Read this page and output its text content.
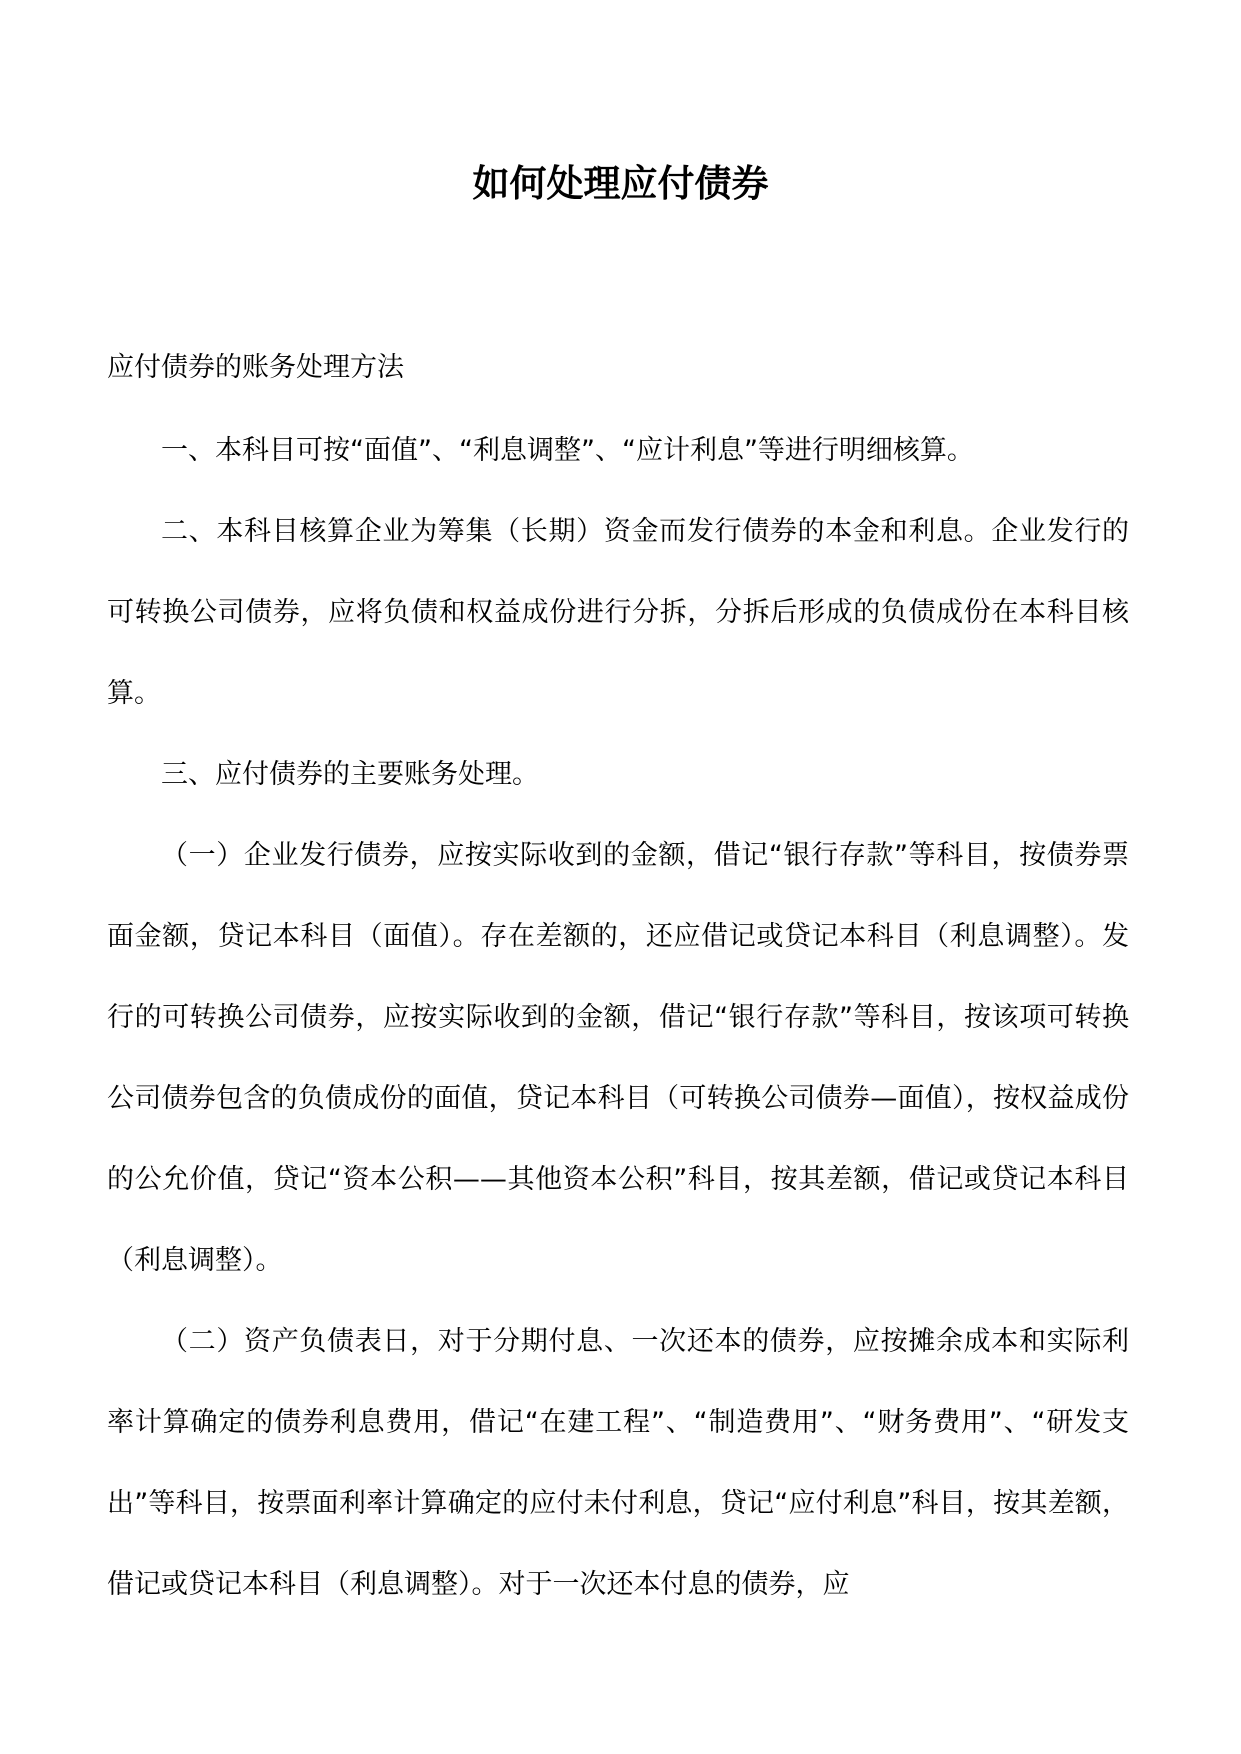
如何处理应付债券
应付债券的账务处理方法

一、本科目可按“面值”、“利息调整”、“应计利息”等进行明细核算。

二、本科目核算企业为筹集（长期）资金而发行债券的本金和利息。企业发行的可转换公司债券，应将负债和权益成份进行分拆，分拆后形成的负债成份在本科目核算。

三、应付债券的主要账务处理。

（一）企业发行债券，应按实际收到的金额，借记“银行存款”等科目，按债券票面金额，贷记本科目（面值）。存在差额的，还应借记或贷记本科目（利息调整）。发行的可转换公司债券，应按实际收到的金额，借记“银行存款”等科目，按该项可转换公司债券包含的负债成份的面值，贷记本科目（可转换公司债券—面值），按权益成份的公允价值，贷记“资本公积——其他资本公积”科目，按其差额，借记或贷记本科目（利息调整）。

（二）资产负债表日，对于分期付息、一次还本的债券，应按摊余成本和实际利率计算确定的债券利息费用，借记“在建工程”、“制造费用”、“财务费用”、“研发支出”等科目，按票面利率计算确定的应付未付利息，贷记“应付利息”科目，按其差额，借记或贷记本科目（利息调整）。对于一次还本付息的债券，应
